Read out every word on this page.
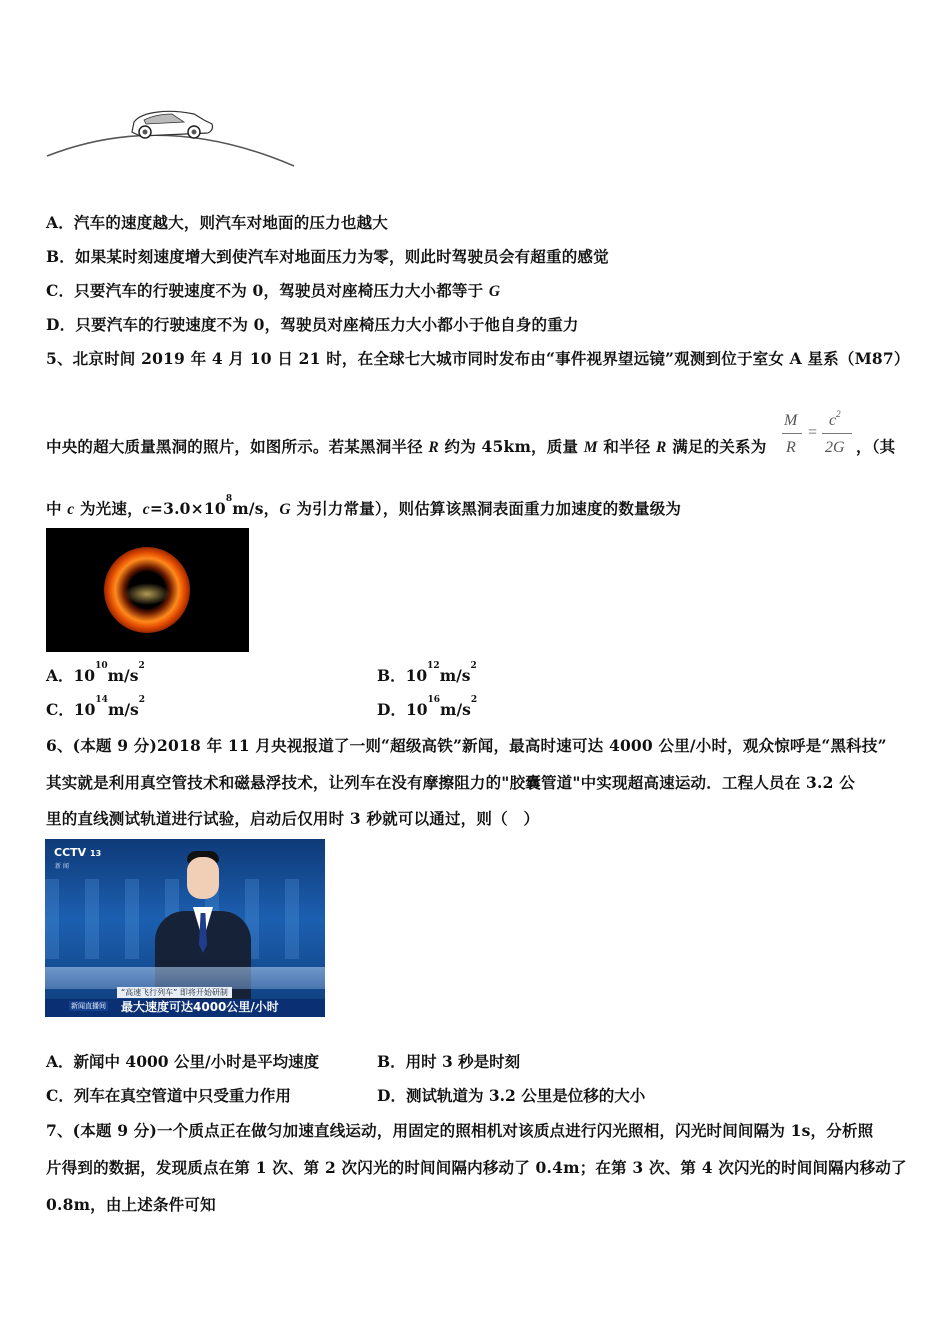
A．汽车的速度越大，则汽车对地面的压力也越大
B．如果某时刻速度增大到使汽车对地面压力为零，则此时驾驶员会有超重的感觉
C．只要汽车的行驶速度不为 0，驾驶员对座椅压力大小都等于 G
D．只要汽车的行驶速度不为 0，驾驶员对座椅压力大小都小于他自身的重力
5、北京时间 2019 年 4 月 10 日 21 时，在全球七大城市同时发布由“事件视界望远镜”观测到位于室女 A 星系（M87）
中央的超大质量黑洞的照片，如图所示。若某黑洞半径 R 约为 45km，质量 M 和半径 R 满足的关系为
M
R
=
$c^2$
2G ，（其
中 c 为光速，$c=3.0\times 10^8m/s$，G 为引力常量），则估算该黑洞表面重力加速度的数量级为
A．$10^{10}m/s^2$	B．$10^{12}m/s^2$
C．$10^{14}m/s^2$	D．$10^{16}m/s^2$
6、(本题 9 分)2018 年 11 月央视报道了一则“超级高铁”新闻，最高时速可达 4000 公里/小时，观众惊呼是“黑科技”
其实就是利用真空管技术和磁悬浮技术，让列车在没有摩擦阻力的"胶囊管道"中实现超高速运动．工程人员在 3.2 公
里的直线测试轨道进行试验，启动后仅用时 3 秒就可以通过，则（　）
CCTV 13
新 闻
“高速飞行列车” 即将开始研制
新闻直播间 最大速度可达4000公里/小时
A．新闻中 4000 公里/小时是平均速度	B．用时 3 秒是时刻
C．列车在真空管道中只受重力作用	D．测试轨道为 3.2 公里是位移的大小
7、(本题 9 分)一个质点正在做匀加速直线运动，用固定的照相机对该质点进行闪光照相，闪光时间间隔为 1s，分析照
片得到的数据，发现质点在第 1 次、第 2 次闪光的时间间隔内移动了 0.4m；在第 3 次、第 4 次闪光的时间间隔内移动了
0.8m，由上述条件可知
